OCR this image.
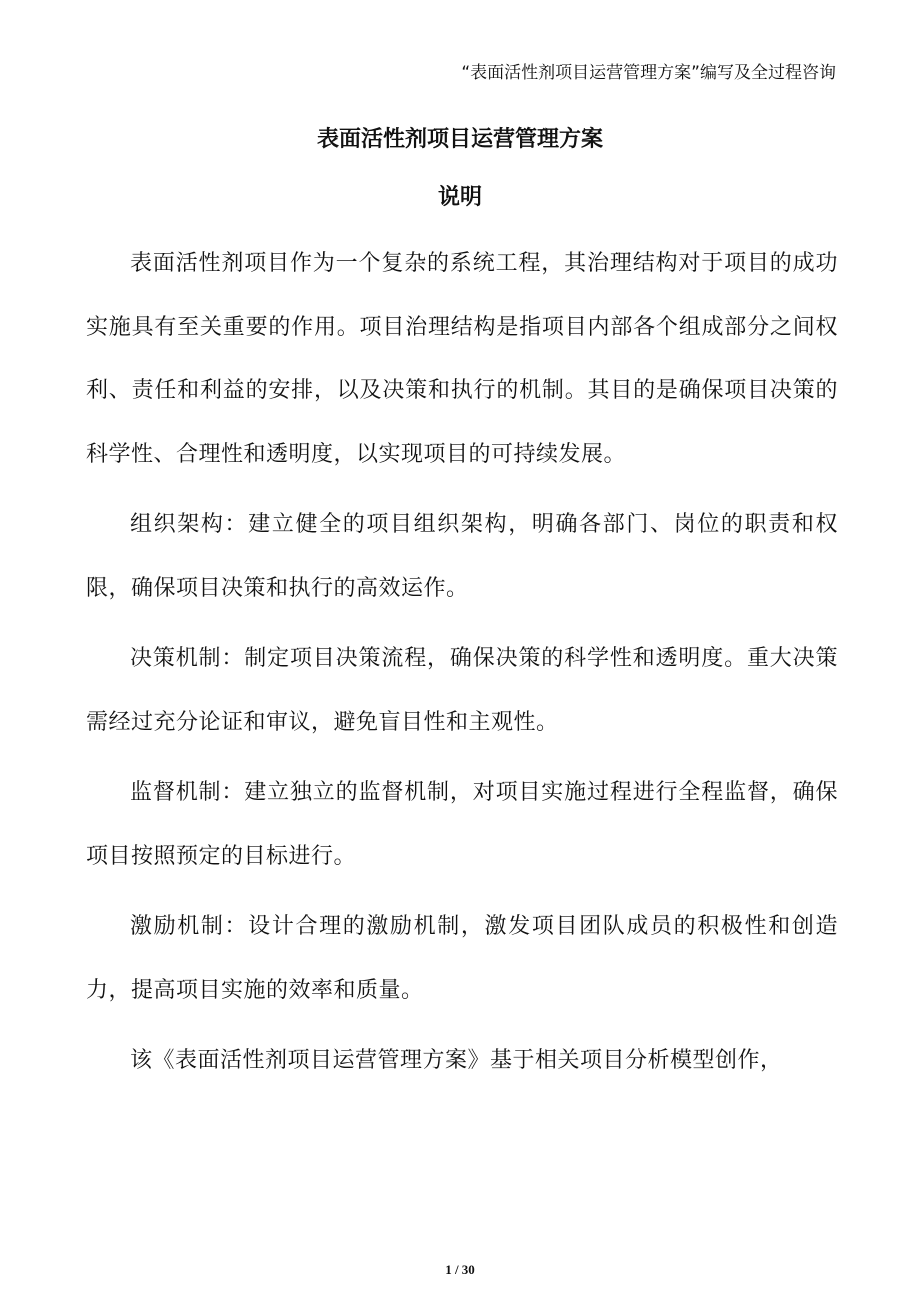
“表面活性剂项目运营管理方案”编写及全过程咨询
表面活性剂项目运营管理方案
说明

表面活性剂项目作为一个复杂的系统工程，其治理结构对于项目的成功实施具有至关重要的作用。项目治理结构是指项目内部各个组成部分之间权利、责任和利益的安排，以及决策和执行的机制。其目的是确保项目决策的科学性、合理性和透明度，以实现项目的可持续发展。

组织架构：建立健全的项目组织架构，明确各部门、岗位的职责和权限，确保项目决策和执行的高效运作。

决策机制：制定项目决策流程，确保决策的科学性和透明度。重大决策需经过充分论证和审议，避免盲目性和主观性。

监督机制：建立独立的监督机制，对项目实施过程进行全程监督，确保项目按照预定的目标进行。

激励机制：设计合理的激励机制，激发项目团队成员的积极性和创造力，提高项目实施的效率和质量。

该《表面活性剂项目运营管理方案》基于相关项目分析模型创作，

1 / 30
